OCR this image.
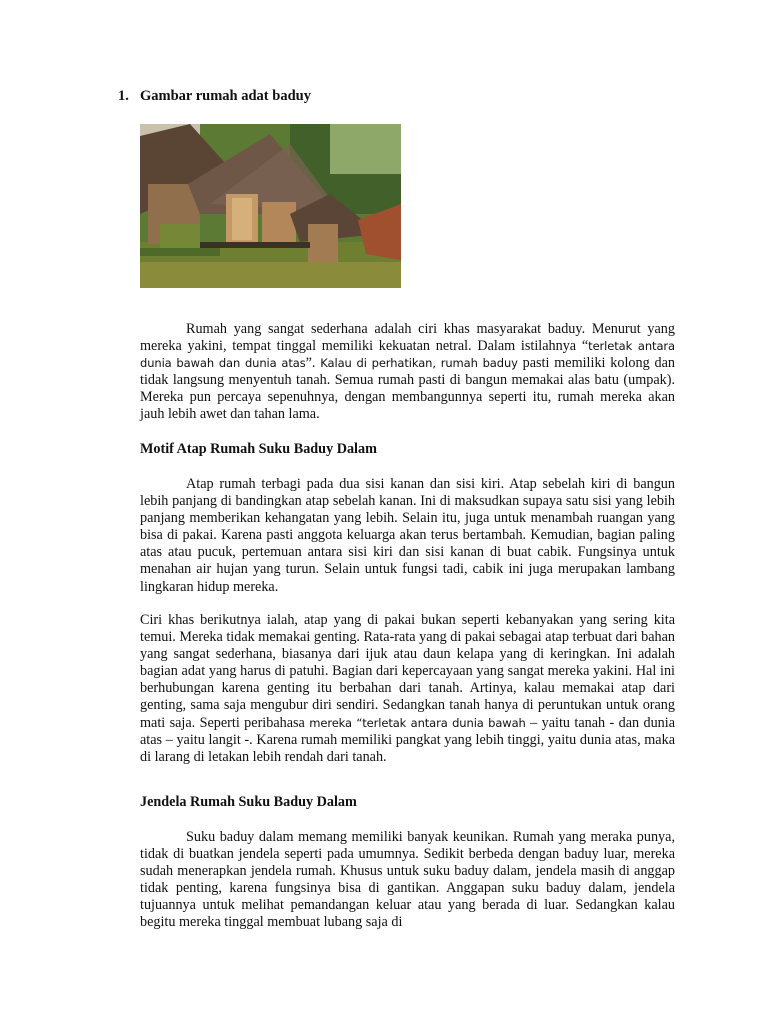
1. Gambar rumah adat baduy

Rumah yang sangat sederhana adalah ciri khas masyarakat baduy. Menurut yang mereka yakini, tempat tinggal memiliki kekuatan netral. Dalam istilahnya “terletak antara dunia bawah dan dunia atas”. Kalau di perhatikan, rumah baduy pasti memiliki kolong dan tidak langsung menyentuh tanah. Semua rumah pasti di bangun memakai alas batu (umpak). Mereka pun percaya sepenuhnya, dengan membangunnya seperti itu, rumah mereka akan jauh lebih awet dan tahan lama.

Motif Atap Rumah Suku Baduy Dalam

Atap rumah terbagi pada dua sisi kanan dan sisi kiri. Atap sebelah kiri di bangun lebih panjang di bandingkan atap sebelah kanan. Ini di maksudkan supaya satu sisi yang lebih panjang memberikan kehangatan yang lebih. Selain itu, juga untuk menambah ruangan yang bisa di pakai. Karena pasti anggota keluarga akan terus bertambah. Kemudian, bagian paling atas atau pucuk, pertemuan antara sisi kiri dan sisi kanan di buat cabik. Fungsinya untuk menahan air hujan yang turun. Selain untuk fungsi tadi, cabik ini juga merupakan lambang lingkaran hidup mereka.

Ciri khas berikutnya ialah, atap yang di pakai bukan seperti kebanyakan yang sering kita temui. Mereka tidak memakai genting. Rata-rata yang di pakai sebagai atap terbuat dari bahan yang sangat sederhana, biasanya dari ijuk atau daun kelapa yang di keringkan. Ini adalah bagian adat yang harus di patuhi. Bagian dari kepercayaan yang sangat mereka yakini. Hal ini berhubungan karena genting itu berbahan dari tanah. Artinya, kalau memakai atap dari genting, sama saja mengubur diri sendiri. Sedangkan tanah hanya di peruntukan untuk orang mati saja. Seperti peribahasa mereka “terletak antara dunia bawah – yaitu tanah - dan dunia atas – yaitu langit -. Karena rumah memiliki pangkat yang lebih tinggi, yaitu dunia atas, maka di larang di letakan lebih rendah dari tanah.

Jendela Rumah Suku Baduy Dalam

Suku baduy dalam memang memiliki banyak keunikan. Rumah yang meraka punya, tidak di buatkan jendela seperti pada umumnya. Sedikit berbeda dengan baduy luar, mereka sudah menerapkan jendela rumah. Khusus untuk suku baduy dalam, jendela masih di anggap tidak penting, karena fungsinya bisa di gantikan. Anggapan suku baduy dalam, jendela tujuannya untuk melihat pemandangan keluar atau yang berada di luar. Sedangkan kalau begitu mereka tinggal membuat lubang saja di
